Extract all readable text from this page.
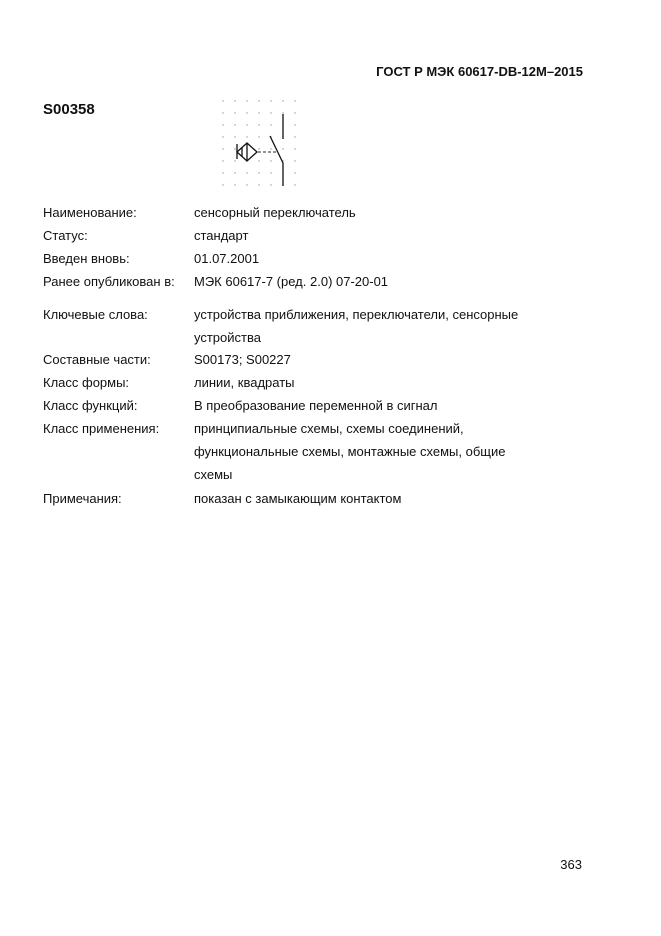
ГОСТ Р МЭК 60617-DB-12M–2015
S00358
Наименование:	сенсорный переключатель
Статус:	стандарт
Введен вновь:	01.07.2001
Ранее опубликован в:	МЭК 60617-7 (ред. 2.0) 07-20-01
Ключевые слова:	устройства приближения, переключатели, сенсорные устройства
Составные части:	S00173; S00227
Класс формы:	линии, квадраты
Класс функций:	В преобразование переменной в сигнал
Класс применения:	принципиальные схемы, схемы соединений, функциональные схемы, монтажные схемы, общие схемы
Примечания:	показан с замыкающим контактом
363
